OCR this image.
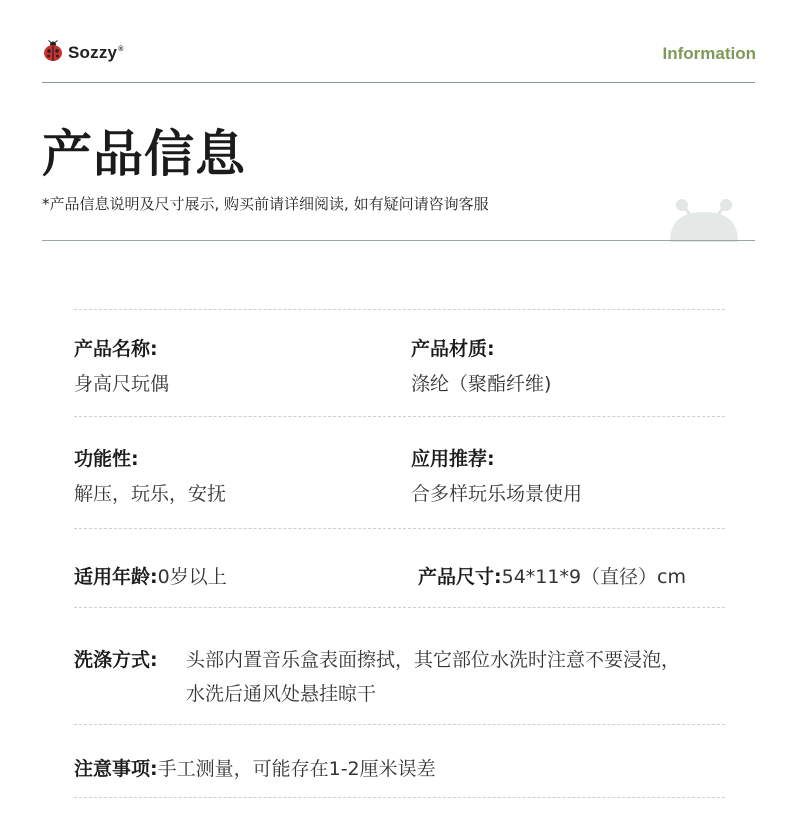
Sozzy®	Information
产品信息
*产品信息说明及尺寸展示, 购买前请详细阅读, 如有疑问请咨询客服
产品名称:
身高尺玩偶
产品材质:
涤纶（聚酯纤维)
功能性:
解压，玩乐，安抚
应用推荐:
合多样玩乐场景使用
适用年龄: 0岁以上	产品尺寸: 54*11*9（直径）cm
洗涤方式: 头部内置音乐盒表面擦拭，其它部位水洗时注意不要浸泡，
水洗后通风处悬挂晾干
注意事项: 手工测量，可能存在1-2厘米误差
